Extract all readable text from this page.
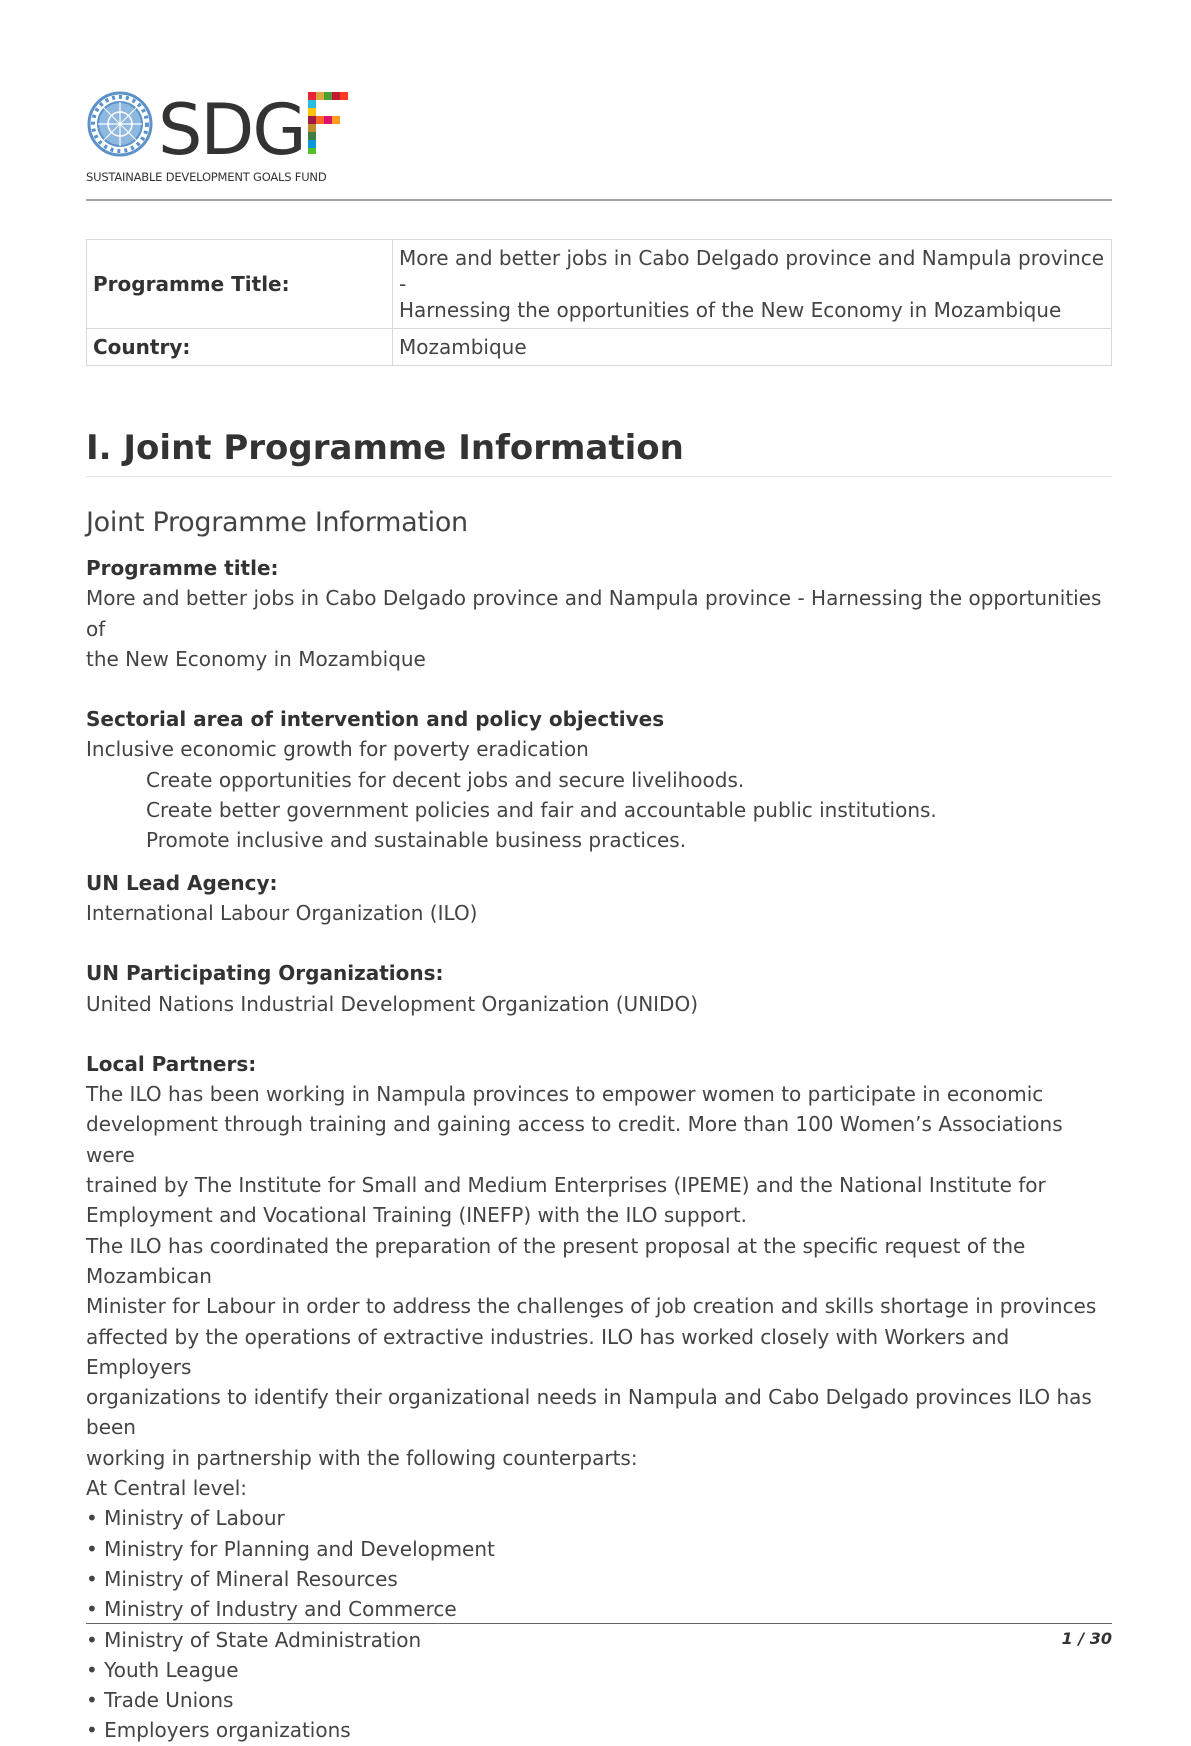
SDG
SUSTAINABLE DEVELOPMENT GOALS FUND
Programme Title:	More and better jobs in Cabo Delgado province and Nampula province -
Harnessing the opportunities of the New Economy in Mozambique
Country:	Mozambique
I. Joint Programme Information
Joint Programme Information
Programme title:

More and better jobs in Cabo Delgado province and Nampula province - Harnessing the opportunities of

the New Economy in Mozambique

Sectorial area of intervention and policy objectives

Inclusive economic growth for poverty eradication

Create opportunities for decent jobs and secure livelihoods.

Create better government policies and fair and accountable public institutions.

Promote inclusive and sustainable business practices.

UN Lead Agency:

International Labour Organization (ILO)

UN Participating Organizations:

United Nations Industrial Development Organization (UNIDO)

Local Partners:

The ILO has been working in Nampula provinces to empower women to participate in economic

development through training and gaining access to credit. More than 100 Women’s Associations were

trained by The Institute for Small and Medium Enterprises (IPEME) and the National Institute for

Employment and Vocational Training (INEFP) with the ILO support.

The ILO has coordinated the preparation of the present proposal at the specific request of the Mozambican

Minister for Labour in order to address the challenges of job creation and skills shortage in provinces

affected by the operations of extractive industries. ILO has worked closely with Workers and Employers

organizations to identify their organizational needs in Nampula and Cabo Delgado provinces ILO has been

working in partnership with the following counterparts:

At Central level:

• Ministry of Labour

• Ministry for Planning and Development

• Ministry of Mineral Resources

• Ministry of Industry and Commerce

• Ministry of State Administration

• Youth League

• Trade Unions

• Employers organizations

1 / 30
